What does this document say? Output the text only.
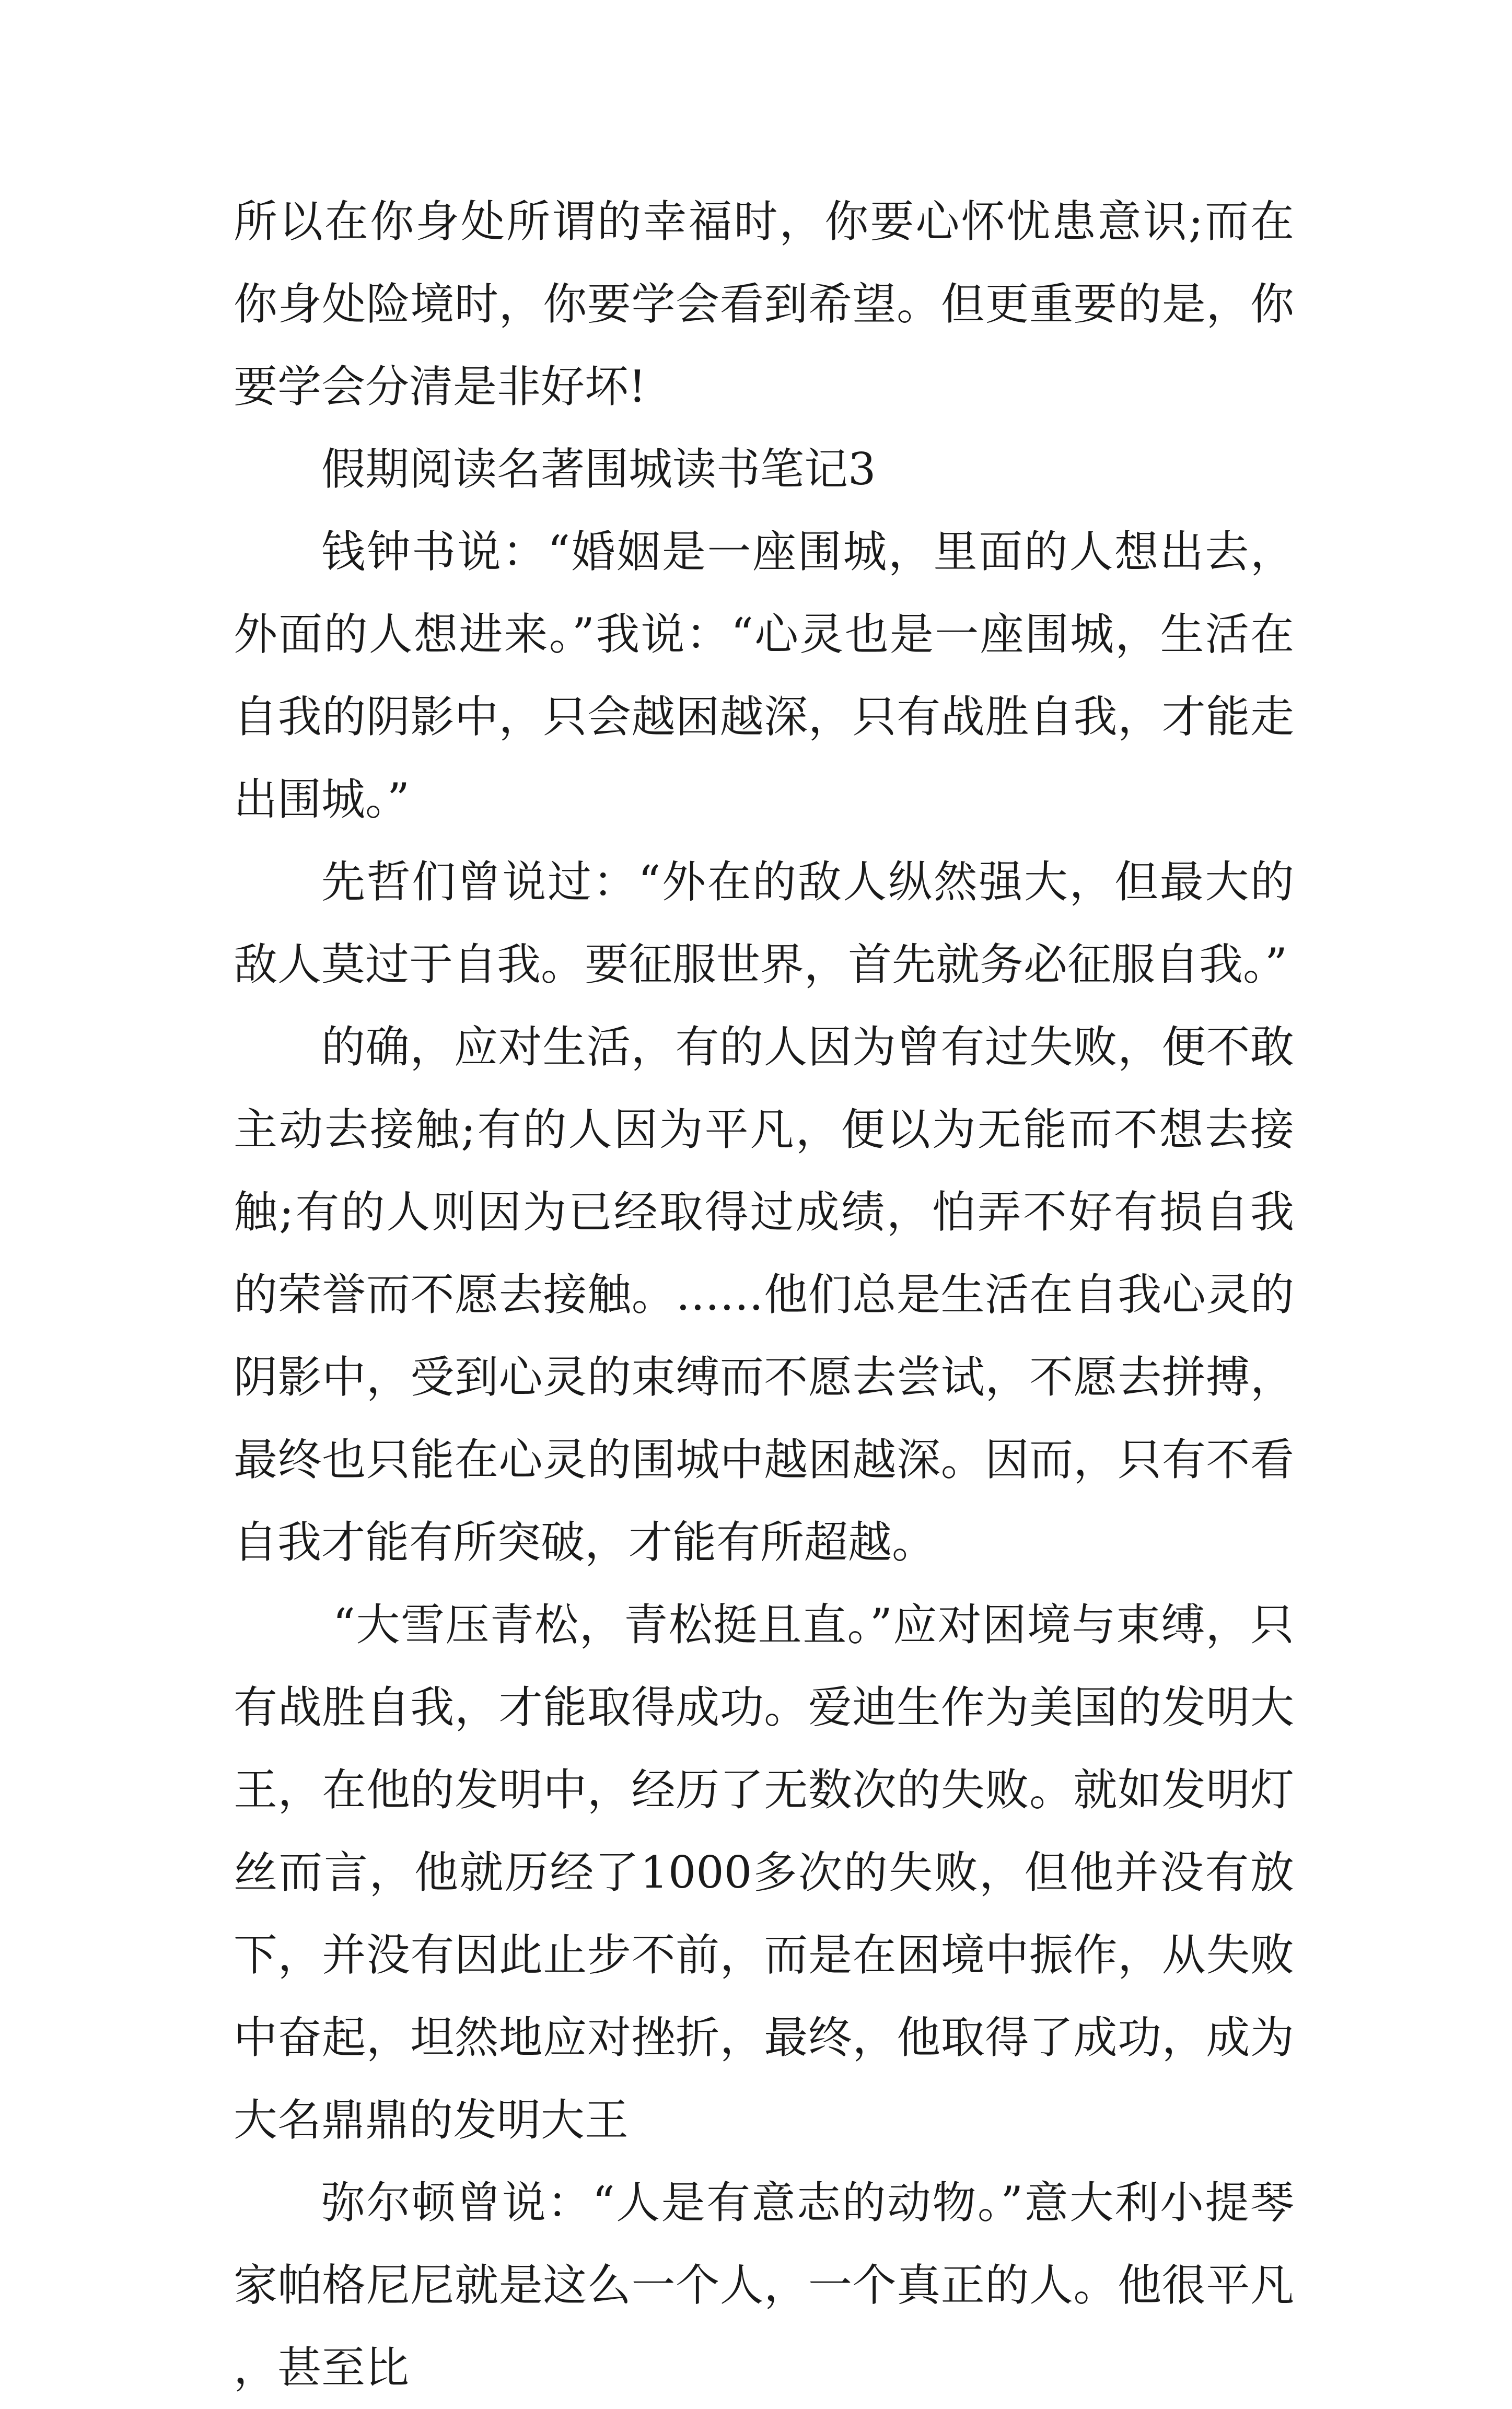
所以在你身处所谓的幸福时，你要心怀忧患意识;而在你身处险境时，你要学会看到希望。但更重要的是，你要学会分清是非好坏!

假期阅读名著围城读书笔记3

钱钟书说：“婚姻是一座围城，里面的人想出去，外面的人想进来。”我说：“心灵也是一座围城，生活在自我的阴影中，只会越困越深，只有战胜自我，才能走出围城。”

先哲们曾说过：“外在的敌人纵然强大，但最大的敌人莫过于自我。要征服世界，首先就务必征服自我。”

的确，应对生活，有的人因为曾有过失败，便不敢主动去接触;有的人因为平凡，便以为无能而不想去接触;有的人则因为已经取得过成绩，怕弄不好有损自我的荣誉而不愿去接触。……他们总是生活在自我心灵的阴影中，受到心灵的束缚而不愿去尝试，不愿去拼搏，最终也只能在心灵的围城中越困越深。因而，只有不看自我才能有所突破，才能有所超越。

“大雪压青松，青松挺且直。”应对困境与束缚，只有战胜自我，才能取得成功。爱迪生作为美国的发明大王，在他的发明中，经历了无数次的失败。就如发明灯丝而言，他就历经了1000多次的失败，但他并没有放下，并没有因此止步不前，而是在困境中振作，从失败中奋起，坦然地应对挫折，最终，他取得了成功，成为大名鼎鼎的发明大王

弥尔顿曾说：“人是有意志的动物。”意大利小提琴家帕格尼尼就是这么一个人，一个真正的人。他很平凡，甚至比
